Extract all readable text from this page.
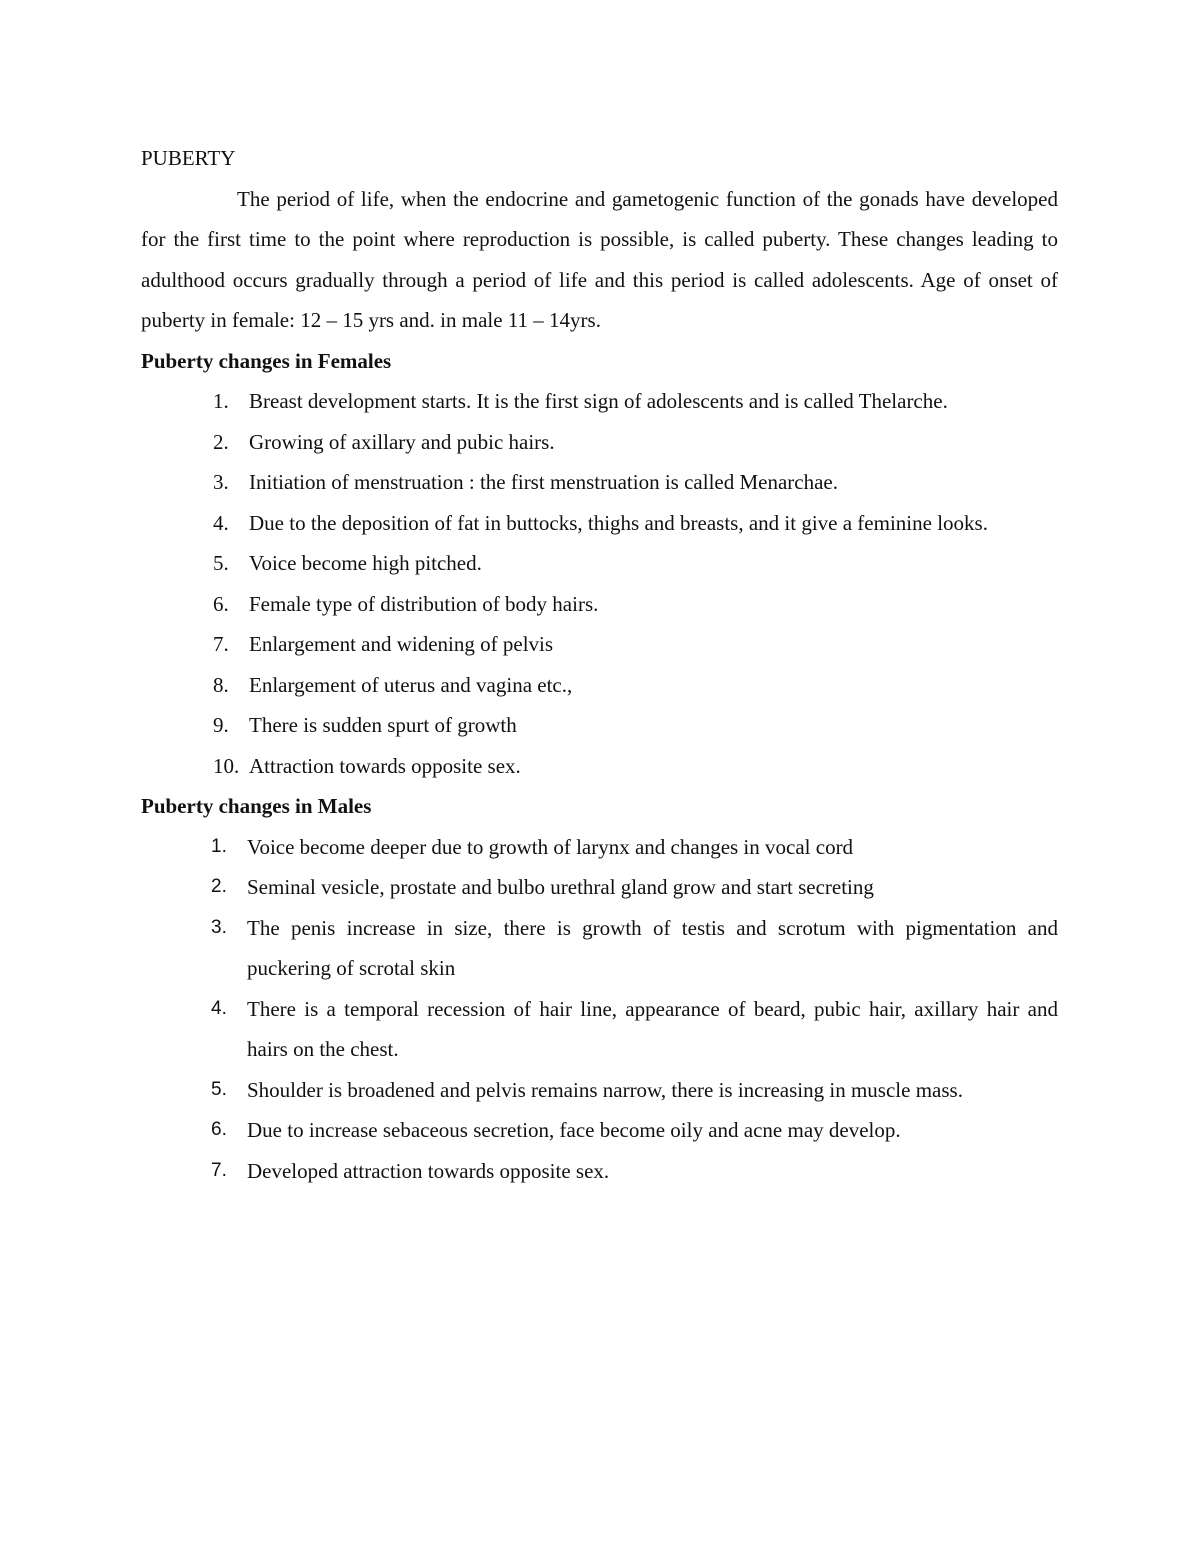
PUBERTY

The period of life, when the endocrine and gametogenic function of the gonads have developed for the first time to the point where reproduction is possible, is called puberty. These changes leading to adulthood occurs gradually through a period of life and this period is called adolescents. Age of onset of puberty in female: 12 – 15 yrs and. in male 11 – 14yrs.

Puberty changes in Females
1. Breast development starts. It is the first sign of adolescents and is called Thelarche.
2. Growing of axillary and pubic hairs.
3. Initiation of menstruation : the first menstruation is called Menarchae.
4. Due to the deposition of fat in buttocks, thighs and breasts, and it give a feminine looks.
5. Voice become high pitched.
6. Female type of distribution of body hairs.
7. Enlargement and widening of pelvis
8. Enlargement of uterus and vagina etc.,
9. There is sudden spurt of growth
10. Attraction towards opposite sex.
Puberty changes in Males
1. Voice become deeper due to growth of larynx and changes in vocal cord
2. Seminal vesicle, prostate and bulbo urethral gland grow and start secreting
3. The penis increase in size, there is growth of testis and scrotum with pigmentation and puckering of scrotal skin
4. There is a temporal recession of hair line, appearance of beard, pubic hair, axillary hair and hairs on the chest.
5. Shoulder is broadened and pelvis remains narrow, there is increasing in muscle mass.
6. Due to increase sebaceous secretion, face become oily and acne may develop.
7. Developed attraction towards opposite sex.
